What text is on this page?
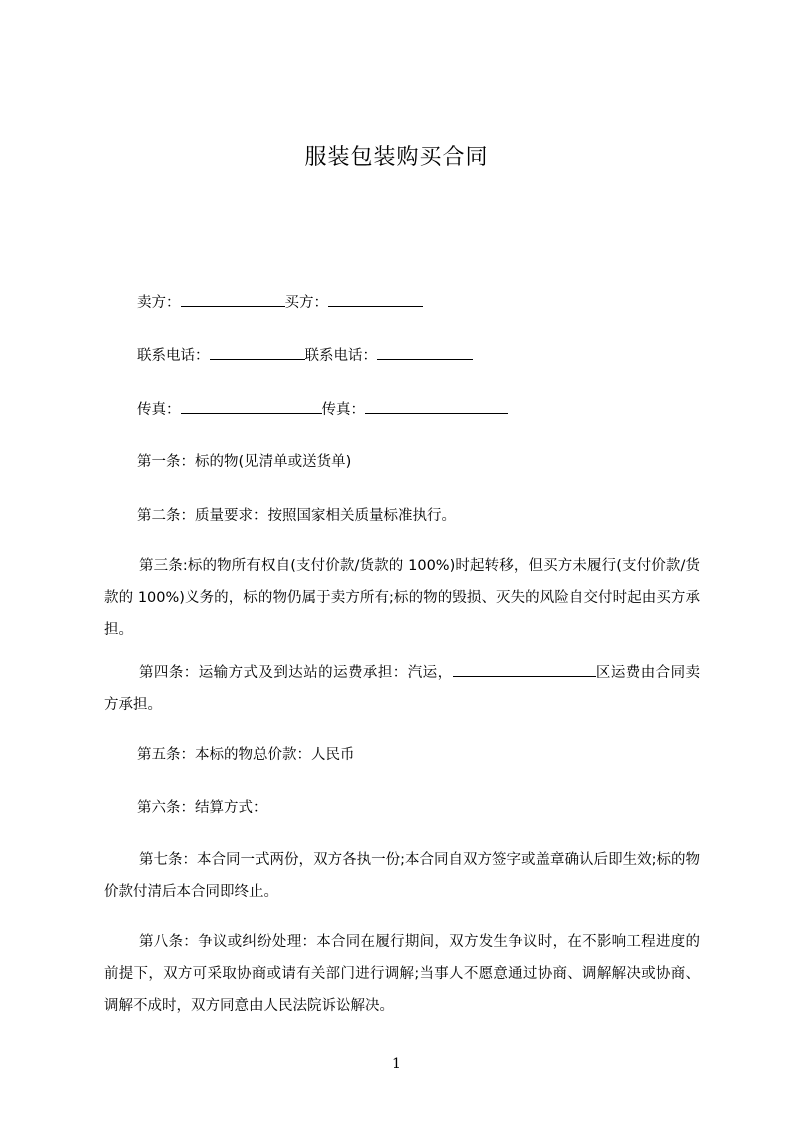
服装包装购买合同
卖方：	买方：
联系电话：	联系电话：
传真：	传真：
第一条：标的物(见清单或送货单)
第二条：质量要求：按照国家相关质量标准执行。
第三条:标的物所有权自(支付价款/货款的 100%)时起转移，但买方未履行(支付价款/货款的 100%)义务的，标的物仍属于卖方所有;标的物的毁损、灭失的风险自交付时起由买方承担。
第四条：运输方式及到达站的运费承担：汽运，	区运费由合同卖方承担。
第五条：本标的物总价款：人民币
第六条：结算方式：
第七条：本合同一式两份，双方各执一份;本合同自双方签字或盖章确认后即生效;标的物价款付清后本合同即终止。
第八条：争议或纠纷处理：本合同在履行期间，双方发生争议时，在不影响工程进度的前提下，双方可采取协商或请有关部门进行调解;当事人不愿意通过协商、调解解决或协商、调解不成时，双方同意由人民法院诉讼解决。
1
